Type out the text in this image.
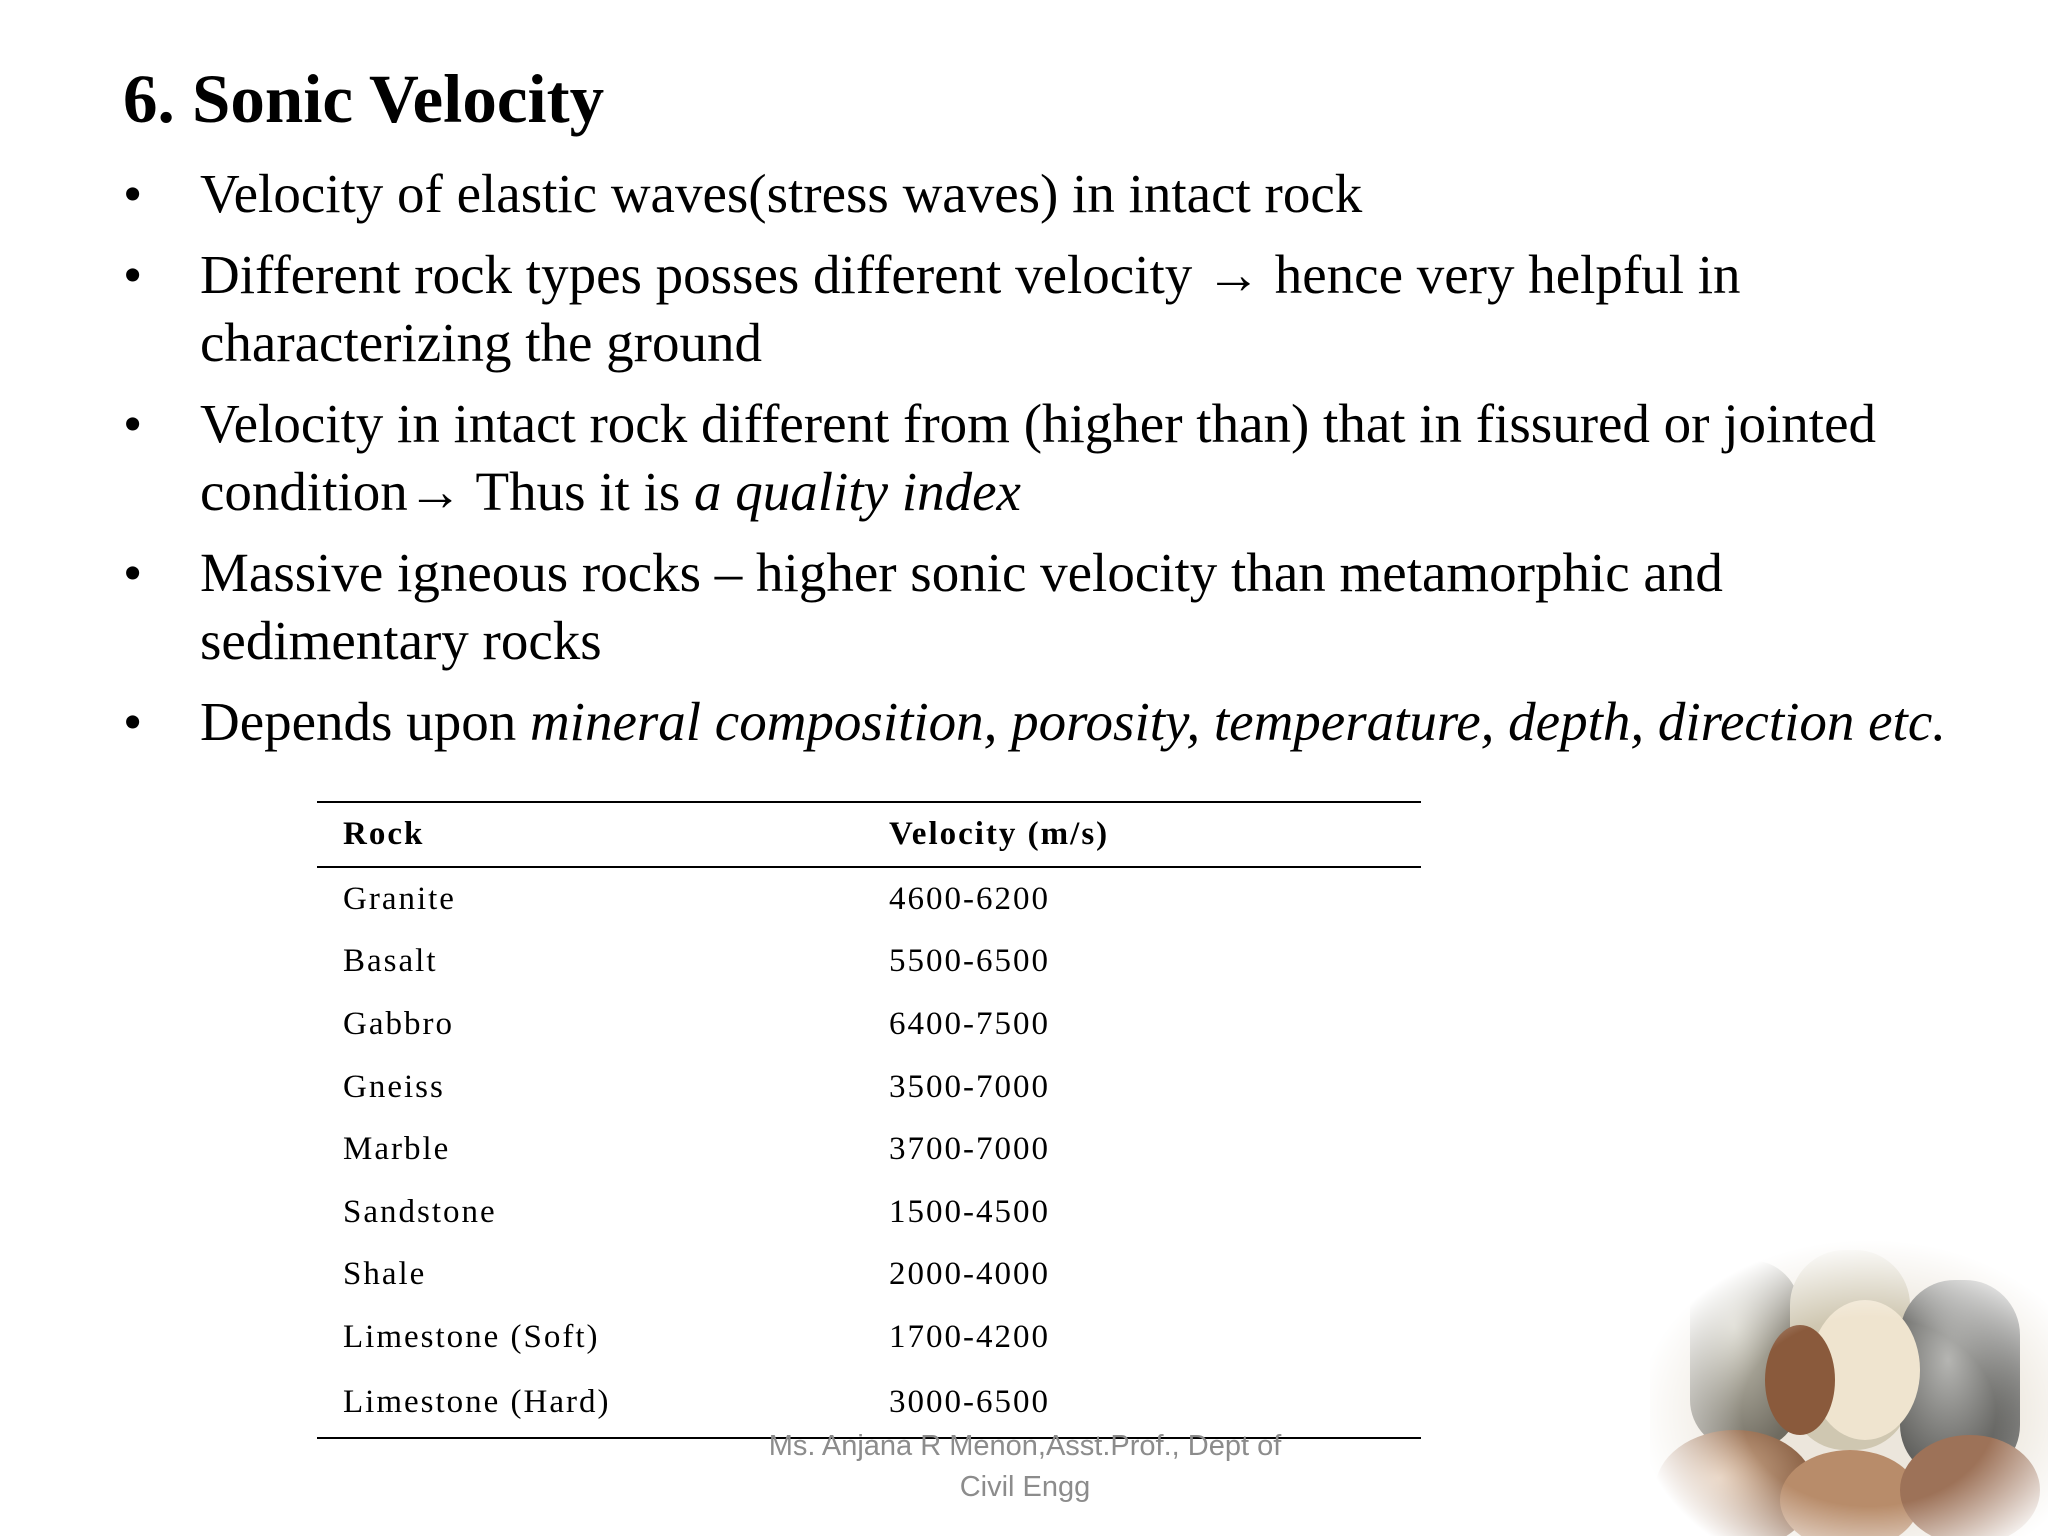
6. Sonic Velocity
• Velocity of elastic waves(stress waves) in intact rock
• Different rock types posses different velocity → hence very helpful in characterizing the ground
• Velocity in intact rock different from (higher than) that in fissured or jointed condition→ Thus it is a quality index
• Massive igneous rocks – higher sonic velocity than metamorphic and sedimentary rocks
• Depends upon mineral composition, porosity, temperature, depth, direction etc.
Rock	Velocity (m/s)
Granite	4600-6200
Basalt	5500-6500
Gabbro	6400-7500
Gneiss	3500-7000
Marble	3700-7000
Sandstone	1500-4500
Shale	2000-4000
Limestone (Soft)	1700-4200
Limestone (Hard)	3000-6500
Ms. Anjana R Menon,Asst.Prof., Dept of
Civil Engg
